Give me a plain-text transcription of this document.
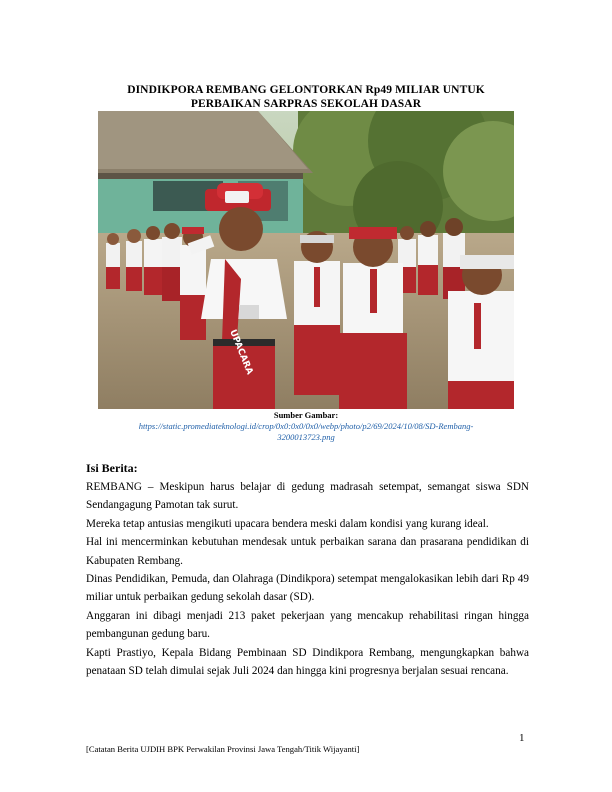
DINDIKPORA REMBANG GELONTORKAN Rp49 MILIAR UNTUK
PERBAIKAN SARPRAS SEKOLAH DASAR
UPACARA
Sumber Gambar:
https://static.promediateknologi.id/crop/0x0:0x0/0x0/webp/photo/p2/69/2024/10/08/SD-Rembang-3200013723.png
Isi Berita:

REMBANG – Meskipun harus belajar di gedung madrasah setempat, semangat siswa SDN Sendangagung Pamotan tak surut.

Mereka tetap antusias mengikuti upacara bendera meski dalam kondisi yang kurang ideal.

Hal ini mencerminkan kebutuhan mendesak untuk perbaikan sarana dan prasarana pendidikan di Kabupaten Rembang.

Dinas Pendidikan, Pemuda, dan Olahraga (Dindikpora) setempat mengalokasikan lebih dari Rp 49 miliar untuk perbaikan gedung sekolah dasar (SD).

Anggaran ini dibagi menjadi 213 paket pekerjaan yang mencakup rehabilitasi ringan hingga pembangunan gedung baru.

Kapti Prastiyo, Kepala Bidang Pembinaan SD Dindikpora Rembang, mengungkapkan bahwa penataan SD telah dimulai sejak Juli 2024 dan hingga kini progresnya berjalan sesuai rencana.

1
[Catatan Berita UJDIH BPK Perwakilan Provinsi Jawa Tengah/Titik Wijayanti]
